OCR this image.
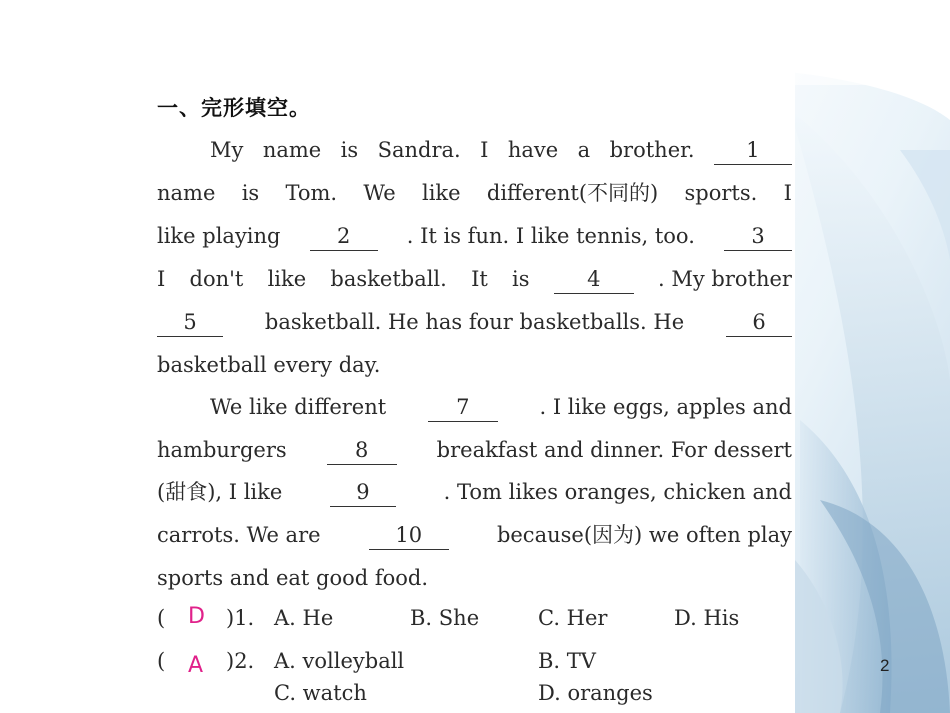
一、完形填空。
My name is Sandra. I have a brother.	1
name is Tom. We like different(不同的) sports. I
like playing	2	. It is fun. I like tennis, too.	3
I don't like basketball. It is	4	. My brother
5	basketball. He has four basketballs. He	6
basketball every day.
We like different	7	. I like eggs, apples and
hamburgers	8	breakfast and dinner. For dessert
(甜食), I like	9	. Tom likes oranges, chicken and
carrots. We are	10	because(因为) we often play
sports and eat good food.
( D )1. A. He	B. She	C. Her	D. His
( A )2. A. volleyball	B. TV
C. watch	D. oranges
2
